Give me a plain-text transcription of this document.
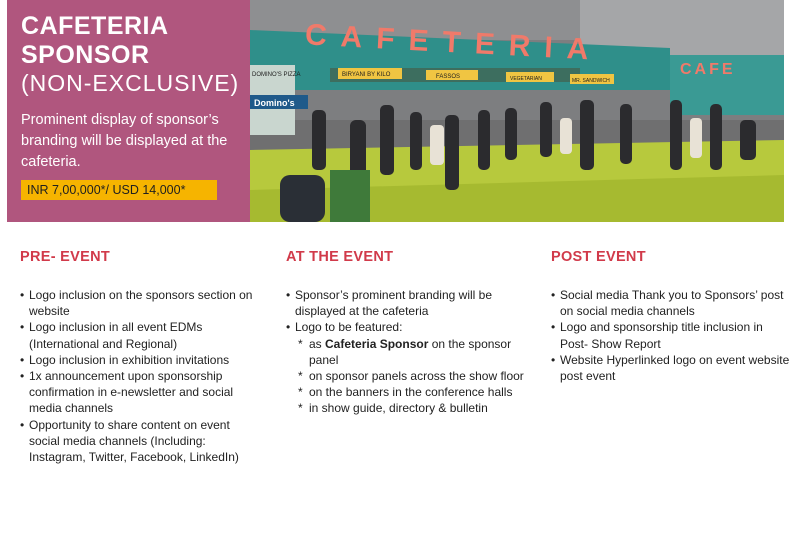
CAFETERIA
SPONSOR
(NON-EXCLUSIVE)
Prominent display of sponsor’s branding will be displayed at the cafeteria.
INR 7,00,000*/ USD 14,000*
CAFETERIA
CAFE
DOMINO'S PIZZA	BIRYANI BY KILO	FASSOS	VEGETARIAN	MR. SANDWICH
Domino's
PRE- EVENT
• Logo inclusion on the sponsors section on website
• Logo inclusion in all event EDMs (International and Regional)
• Logo inclusion in exhibition invitations
• 1x announcement upon sponsorship confirmation in e-newsletter and social media channels
• Opportunity to share content on event social media channels (Including: Instagram, Twitter, Facebook, LinkedIn)
AT THE EVENT
• Sponsor’s prominent branding will be displayed at the cafeteria
• Logo to be featured:
* as Cafeteria Sponsor on the sponsor panel
* on sponsor panels across the show floor
* on the banners in the conference halls
* in show guide, directory & bulletin
POST EVENT
• Social media Thank you to Sponsors’ post on social media channels
• Logo and sponsorship title inclusion in Post- Show Report
• Website Hyperlinked logo on event website post event
